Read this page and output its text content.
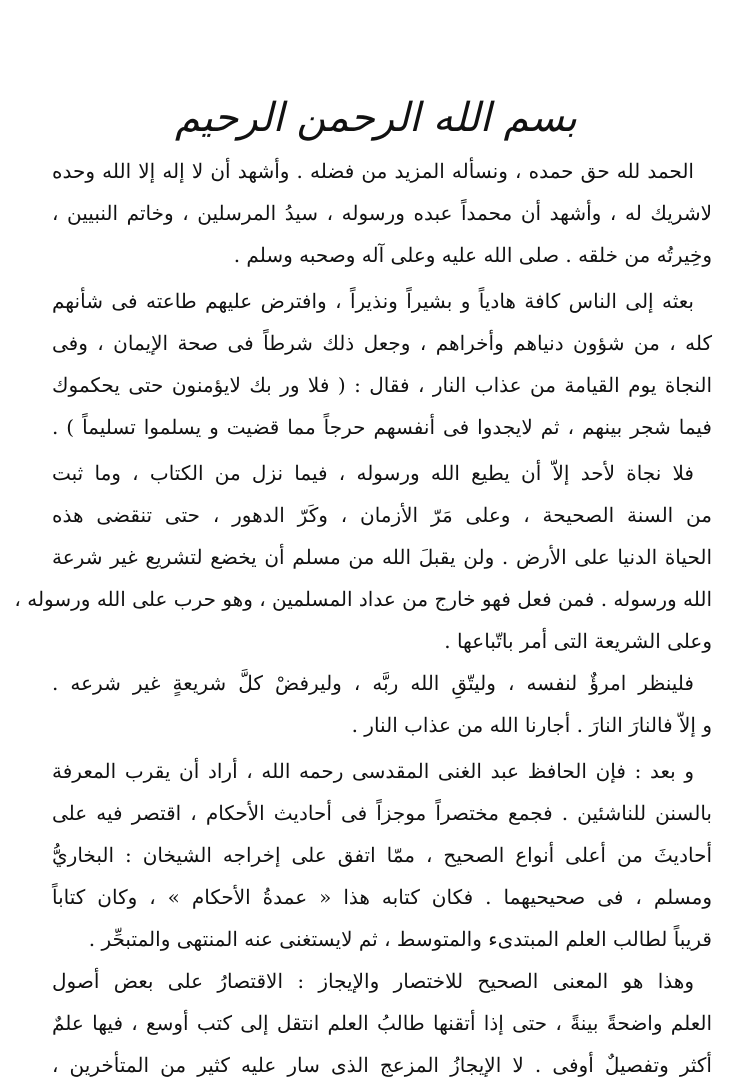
بسم الله الرحمن الرحيم
الحمد لله حق حمده ، ونسأله المزيد من فضله . وأشهد أن لا إله إلا الله وحده
لاشريك له ، وأشهد أن محمداً عبده ورسوله ، سيدُ المرسلين ، وخاتم النبيين ،
وخِيرتُه من خلقه . صلى الله عليه وعلى آله وصحبه وسلم .
بعثه إلى الناس كافة هادياً و بشيراً ونذيراً ، وافترض عليهم طاعته فى شأنهم
كله ، من شؤون دنياهم وأخراهم ، وجعل ذلك شرطاً فى صحة الإيمان ، وفى
النجاة يوم القيامة من عذاب النار ، فقال : ( فلا ور بك لايؤمنون حتى يحكموك
فيما شجر بينهم ، ثم لايجدوا فى أنفسهم حرجاً مما قضيت و يسلموا تسليماً ) .
فلا نجاة لأحد إلاّ أن يطيع الله ورسوله ، فيما نزل من الكتاب ، وما ثبت
من السنة الصحيحة ، وعلى مَرّ الأزمان ، وكَرّ الدهور ، حتى تنقضى هذه
الحياة الدنيا على الأرض . ولن يقبلَ الله من مسلم أن يخضع لتشريع غير شرعة
الله ورسوله . فمن فعل فهو خارج من عداد المسلمين ، وهو حرب على الله ورسوله ،
وعلى الشريعة التى أمر باتّباعها .
فلينظر امرؤٌ لنفسه ، وليتّقِ الله ربَّه ، وليرفضْ كلَّ شريعةٍ غير شرعه .
و إلاّ فالنارَ النارَ . أجارنا الله من عذاب النار .
و بعد : فإن الحافظ عبد الغنى المقدسى رحمه الله ، أراد أن يقرب المعرفة
بالسنن للناشئين . فجمع مختصراً موجزاً فى أحاديث الأحكام ، اقتصر فيه على
أحاديثَ من أعلى أنواع الصحيح ، ممّا اتفق على إخراجه الشيخان : البخاريُّ
ومسلم ، فى صحيحيهما . فكان كتابه هذا « عمدةُ الأحكام » ، وكان كتاباً
قريباً لطالب العلم المبتدىء والمتوسط ، ثم لايستغنى عنه المنتهى والمتبحِّر .
وهذا هو المعنى الصحيح للاختصار والإيجاز : الاقتصارُ على بعض أصول
العلم واضحةً بينةً ، حتى إذا أتقنها طالبُ العلم انتقل إلى كتب أوسع ، فيها علمٌ
أكثر وتفصيلٌ أوفى . لا الإيجازُ المزعج الذى سار عليه كثير من المتأخرين ،
